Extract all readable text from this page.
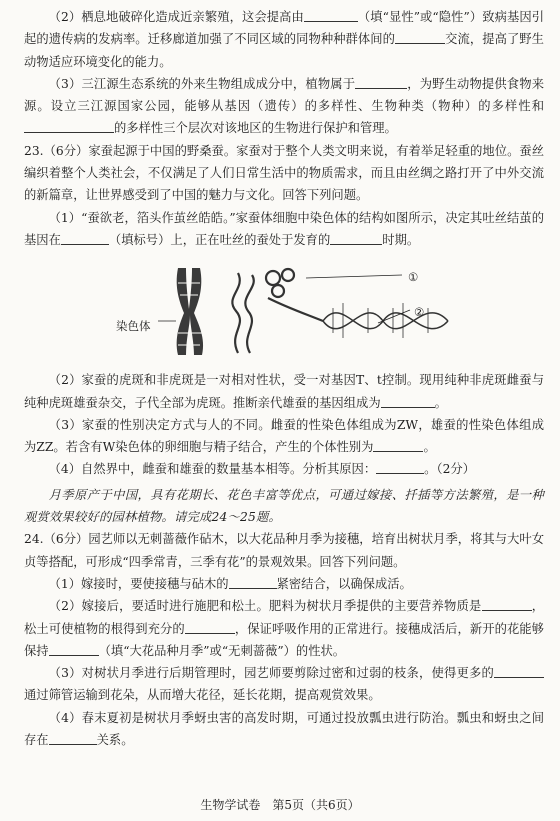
（2）栖息地破碎化造成近亲繁殖，这会提高由	（填“显性”或“隐性”）致病基因引起的遗传病的发病率。迁移廊道加强了不同区域的同物种种群体间的	交流，提高了野生动物适应环境变化的能力。

（3）三江源生态系统的外来生物组成成分中，植物属于	，为野生动物提供食物来源。设立三江源国家公园，能够从基因（遗传）的多样性、生物种类（物种）的多样性和的多样性三个层次对该地区的生物进行保护和管理。

23.（6分）家蚕起源于中国的野桑蚕。家蚕对于整个人类文明来说，有着举足轻重的地位。蚕丝编织着整个人类社会，不仅满足了人们日常生活中的物质需求，而且由丝绸之路打开了中外交流的新篇章，让世界感受到了中国的魅力与文化。回答下列问题。

（1）“蚕欲老，箔头作茧丝皓皓。”家蚕体细胞中染色体的结构如图所示，决定其吐丝结茧的基因在	（填标号）上，正在吐丝的蚕处于发育的	时期。

染色体
①
②

（2）家蚕的虎斑和非虎斑是一对相对性状，受一对基因T、t控制。现用纯种非虎斑雌蚕与纯种虎斑雄蚕杂交，子代全部为虎斑。推断亲代雄蚕的基因组成为	。

（3）家蚕的性别决定方式与人的不同。雌蚕的性染色体组成为ZW，雄蚕的性染色体组成为ZZ。若含有W染色体的卵细胞与精子结合，产生的个体性别为	。

（4）自然界中，雌蚕和雄蚕的数量基本相等。分析其原因：	。（2分）

月季原产于中国，具有花期长、花色丰富等优点，可通过嫁接、扦插等方法繁殖，是一种观赏效果较好的园林植物。请完成24～25题。

24.（6分）园艺师以无刺蔷薇作砧木，以大花品种月季为接穗，培育出树状月季，将其与大叶女贞等搭配，可形成“四季常青，三季有花”的景观效果。回答下列问题。

（1）嫁接时，要使接穗与砧木的	紧密结合，以确保成活。

（2）嫁接后，要适时进行施肥和松土。肥料为树状月季提供的主要营养物质是	，松土可使植物的根得到充分的	，保证呼吸作用的正常进行。接穗成活后，新开的花能够保持	（填“大花品种月季”或“无刺蔷薇”）的性状。

（3）对树状月季进行后期管理时，园艺师要剪除过密和过弱的枝条，使得更多的通过筛管运输到花朵，从而增大花径，延长花期，提高观赏效果。

（4）春末夏初是树状月季蚜虫害的高发时期，可通过投放瓢虫进行防治。瓢虫和蚜虫之间存在	关系。

生物学试卷　第5页（共6页）
